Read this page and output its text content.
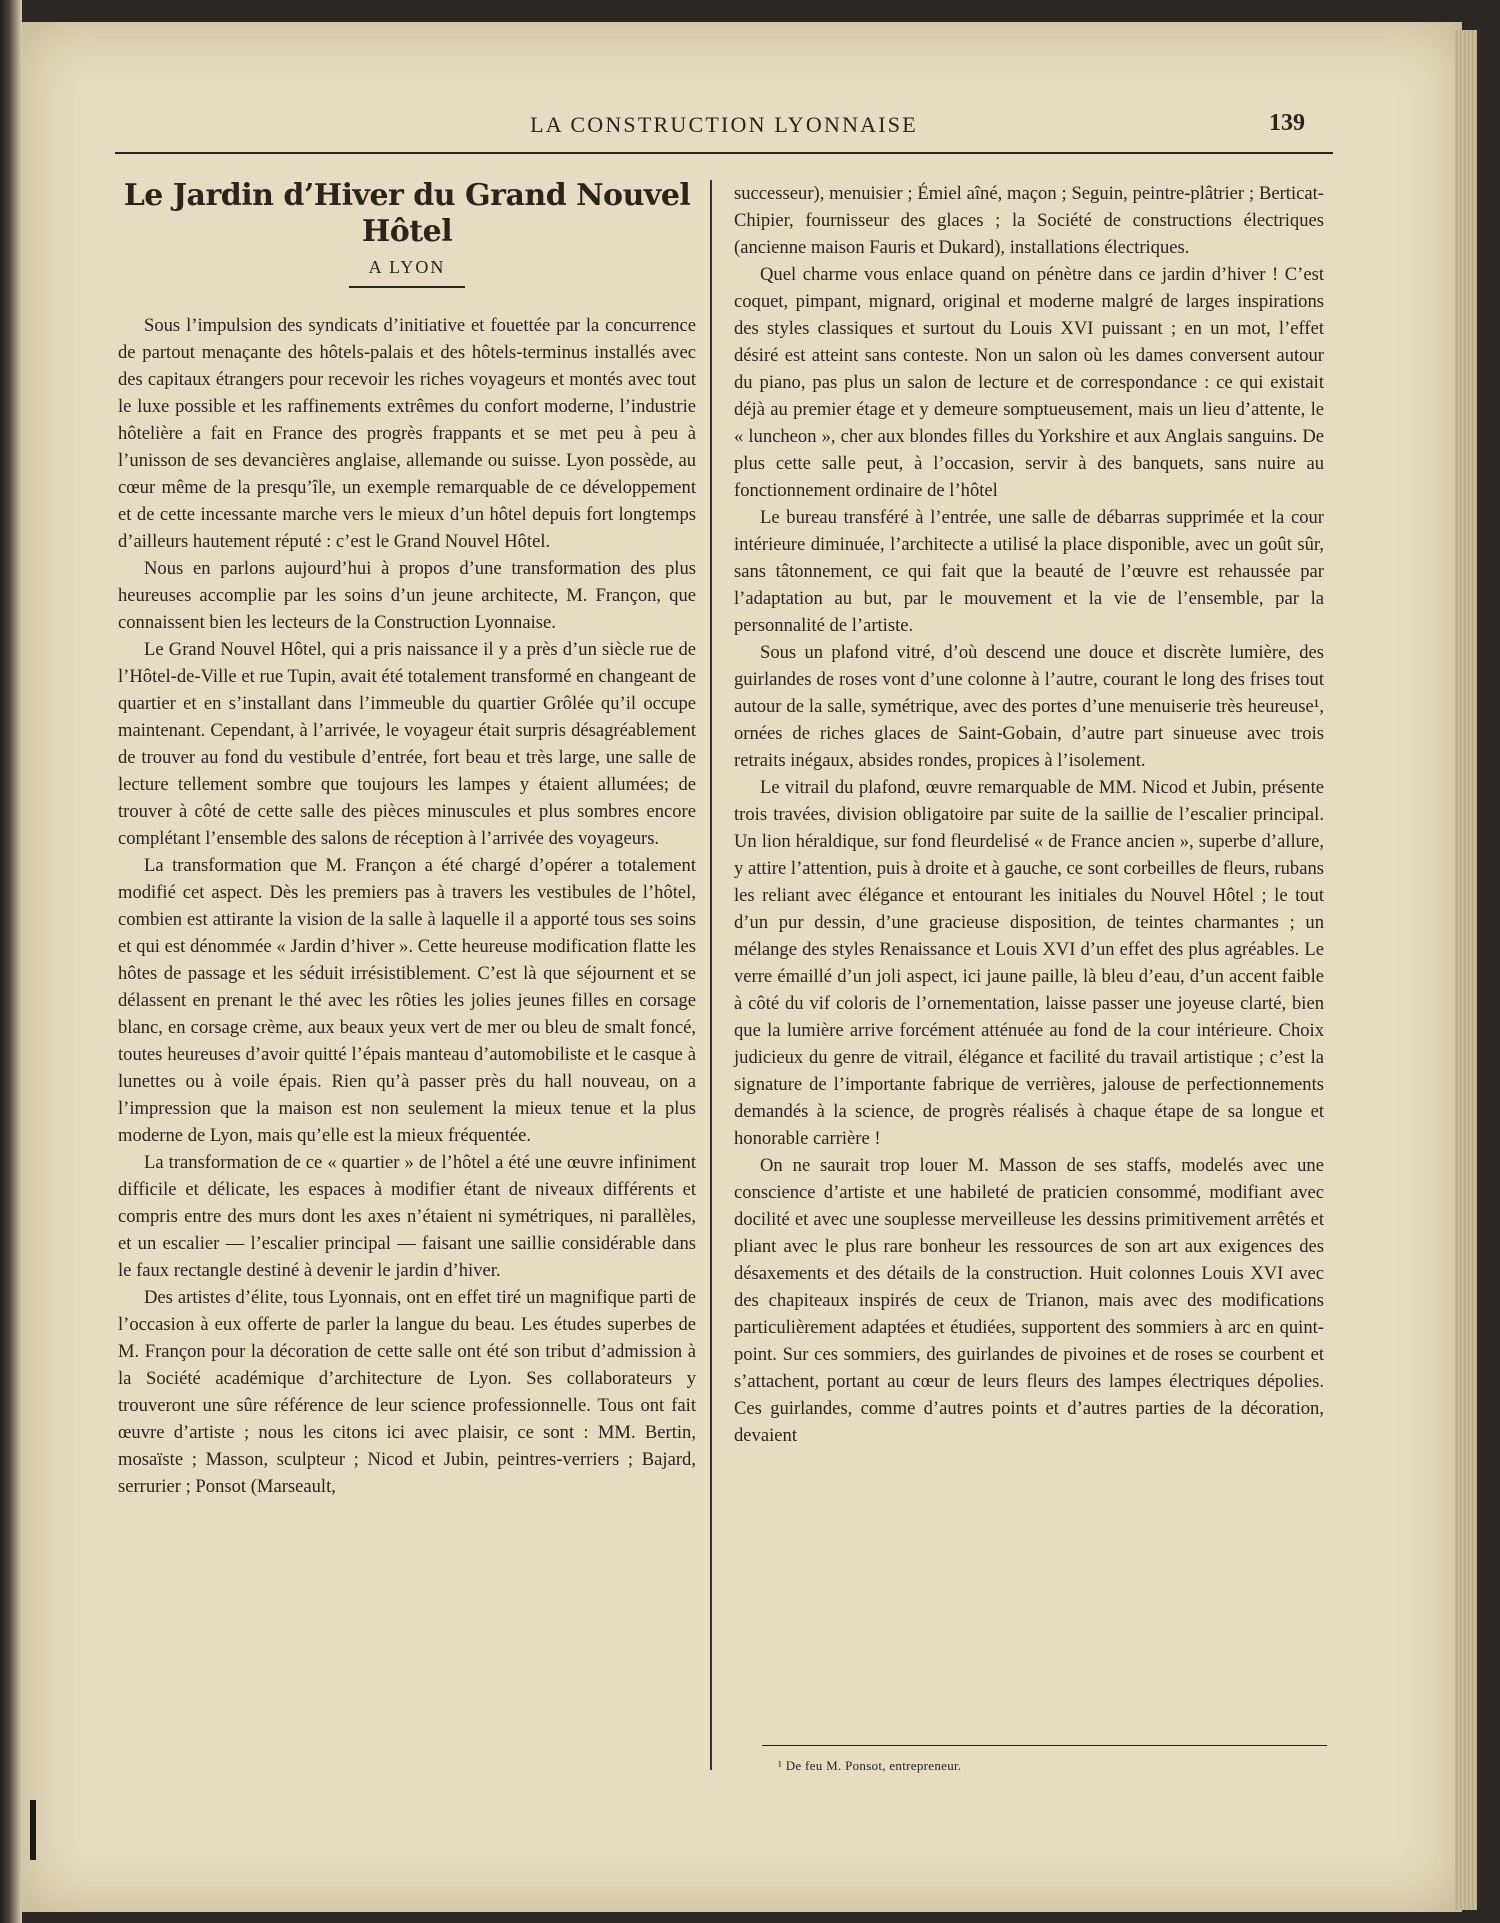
LA CONSTRUCTION LYONNAISE	139
Le Jardin d’Hiver du Grand Nouvel Hôtel
A LYON

Sous l’impulsion des syndicats d’initiative et fouettée par la concurrence de partout menaçante des hôtels-palais et des hôtels-terminus installés avec des capitaux étrangers pour recevoir les riches voyageurs et montés avec tout le luxe possible et les raffinements extrêmes du confort moderne, l’industrie hôtelière a fait en France des progrès frappants et se met peu à peu à l’unisson de ses devancières anglaise, allemande ou suisse. Lyon possède, au cœur même de la presqu’île, un exemple remarquable de ce développement et de cette incessante marche vers le mieux d’un hôtel depuis fort longtemps d’ailleurs hautement réputé : c’est le Grand Nouvel Hôtel.

Nous en parlons aujourd’hui à propos d’une transformation des plus heureuses accomplie par les soins d’un jeune architecte, M. Françon, que connaissent bien les lecteurs de la Construction Lyonnaise.

Le Grand Nouvel Hôtel, qui a pris naissance il y a près d’un siècle rue de l’Hôtel-de-Ville et rue Tupin, avait été totalement transformé en changeant de quartier et en s’installant dans l’immeuble du quartier Grôlée qu’il occupe maintenant. Cependant, à l’arrivée, le voyageur était surpris désagréablement de trouver au fond du vestibule d’entrée, fort beau et très large, une salle de lecture tellement sombre que toujours les lampes y étaient allumées; de trouver à côté de cette salle des pièces minuscules et plus sombres encore complétant l’ensemble des salons de réception à l’arrivée des voyageurs.

La transformation que M. Françon a été chargé d’opérer a totalement modifié cet aspect. Dès les premiers pas à travers les vestibules de l’hôtel, combien est attirante la vision de la salle à laquelle il a apporté tous ses soins et qui est dénommée « Jardin d’hiver ». Cette heureuse modification flatte les hôtes de passage et les séduit irrésistiblement. C’est là que séjournent et se délassent en prenant le thé avec les rôties les jolies jeunes filles en corsage blanc, en corsage crème, aux beaux yeux vert de mer ou bleu de smalt foncé, toutes heureuses d’avoir quitté l’épais manteau d’automobiliste et le casque à lunettes ou à voile épais. Rien qu’à passer près du hall nouveau, on a l’impression que la maison est non seulement la mieux tenue et la plus moderne de Lyon, mais qu’elle est la mieux fréquentée.

La transformation de ce « quartier » de l’hôtel a été une œuvre infiniment difficile et délicate, les espaces à modifier étant de niveaux différents et compris entre des murs dont les axes n’étaient ni symétriques, ni parallèles, et un escalier — l’escalier principal — faisant une saillie considérable dans le faux rectangle destiné à devenir le jardin d’hiver.

Des artistes d’élite, tous Lyonnais, ont en effet tiré un magnifique parti de l’occasion à eux offerte de parler la langue du beau. Les études superbes de M. Françon pour la décoration de cette salle ont été son tribut d’admission à la Société académique d’architecture de Lyon. Ses collaborateurs y trouveront une sûre référence de leur science professionnelle. Tous ont fait œuvre d’artiste ; nous les citons ici avec plaisir, ce sont : MM. Bertin, mosaïste ; Masson, sculpteur ; Nicod et Jubin, peintres-verriers ; Bajard, serrurier ; Ponsot (Marseault,

successeur), menuisier ; Émiel aîné, maçon ; Seguin, peintre-plâtrier ; Berticat-Chipier, fournisseur des glaces ; la Société de constructions électriques (ancienne maison Fauris et Dukard), installations électriques.

Quel charme vous enlace quand on pénètre dans ce jardin d’hiver ! C’est coquet, pimpant, mignard, original et moderne malgré de larges inspirations des styles classiques et surtout du Louis XVI puissant ; en un mot, l’effet désiré est atteint sans conteste. Non un salon où les dames conversent autour du piano, pas plus un salon de lecture et de correspondance : ce qui existait déjà au premier étage et y demeure somptueusement, mais un lieu d’attente, le « luncheon », cher aux blondes filles du Yorkshire et aux Anglais sanguins. De plus cette salle peut, à l’occasion, servir à des banquets, sans nuire au fonctionnement ordinaire de l’hôtel

Le bureau transféré à l’entrée, une salle de débarras supprimée et la cour intérieure diminuée, l’architecte a utilisé la place disponible, avec un goût sûr, sans tâtonnement, ce qui fait que la beauté de l’œuvre est rehaussée par l’adaptation au but, par le mouvement et la vie de l’ensemble, par la personnalité de l’artiste.

Sous un plafond vitré, d’où descend une douce et discrète lumière, des guirlandes de roses vont d’une colonne à l’autre, courant le long des frises tout autour de la salle, symétrique, avec des portes d’une menuiserie très heureuse¹, ornées de riches glaces de Saint-Gobain, d’autre part sinueuse avec trois retraits inégaux, absides rondes, propices à l’isolement.

Le vitrail du plafond, œuvre remarquable de MM. Nicod et Jubin, présente trois travées, division obligatoire par suite de la saillie de l’escalier principal. Un lion héraldique, sur fond fleurdelisé « de France ancien », superbe d’allure, y attire l’attention, puis à droite et à gauche, ce sont corbeilles de fleurs, rubans les reliant avec élégance et entourant les initiales du Nouvel Hôtel ; le tout d’un pur dessin, d’une gracieuse disposition, de teintes charmantes ; un mélange des styles Renaissance et Louis XVI d’un effet des plus agréables. Le verre émaillé d’un joli aspect, ici jaune paille, là bleu d’eau, d’un accent faible à côté du vif coloris de l’ornementation, laisse passer une joyeuse clarté, bien que la lumière arrive forcément atténuée au fond de la cour intérieure. Choix judicieux du genre de vitrail, élégance et facilité du travail artistique ; c’est la signature de l’importante fabrique de verrières, jalouse de perfectionnements demandés à la science, de progrès réalisés à chaque étape de sa longue et honorable carrière !

On ne saurait trop louer M. Masson de ses staffs, modelés avec une conscience d’artiste et une habileté de praticien consommé, modifiant avec docilité et avec une souplesse merveilleuse les dessins primitivement arrêtés et pliant avec le plus rare bonheur les ressources de son art aux exigences des désaxements et des détails de la construction. Huit colonnes Louis XVI avec des chapiteaux inspirés de ceux de Trianon, mais avec des modifications particulièrement adaptées et étudiées, supportent des sommiers à arc en quint-point. Sur ces sommiers, des guirlandes de pivoines et de roses se courbent et s’attachent, portant au cœur de leurs fleurs des lampes électriques dépolies. Ces guirlandes, comme d’autres points et d’autres parties de la décoration, devaient

¹ De feu M. Ponsot, entrepreneur.
